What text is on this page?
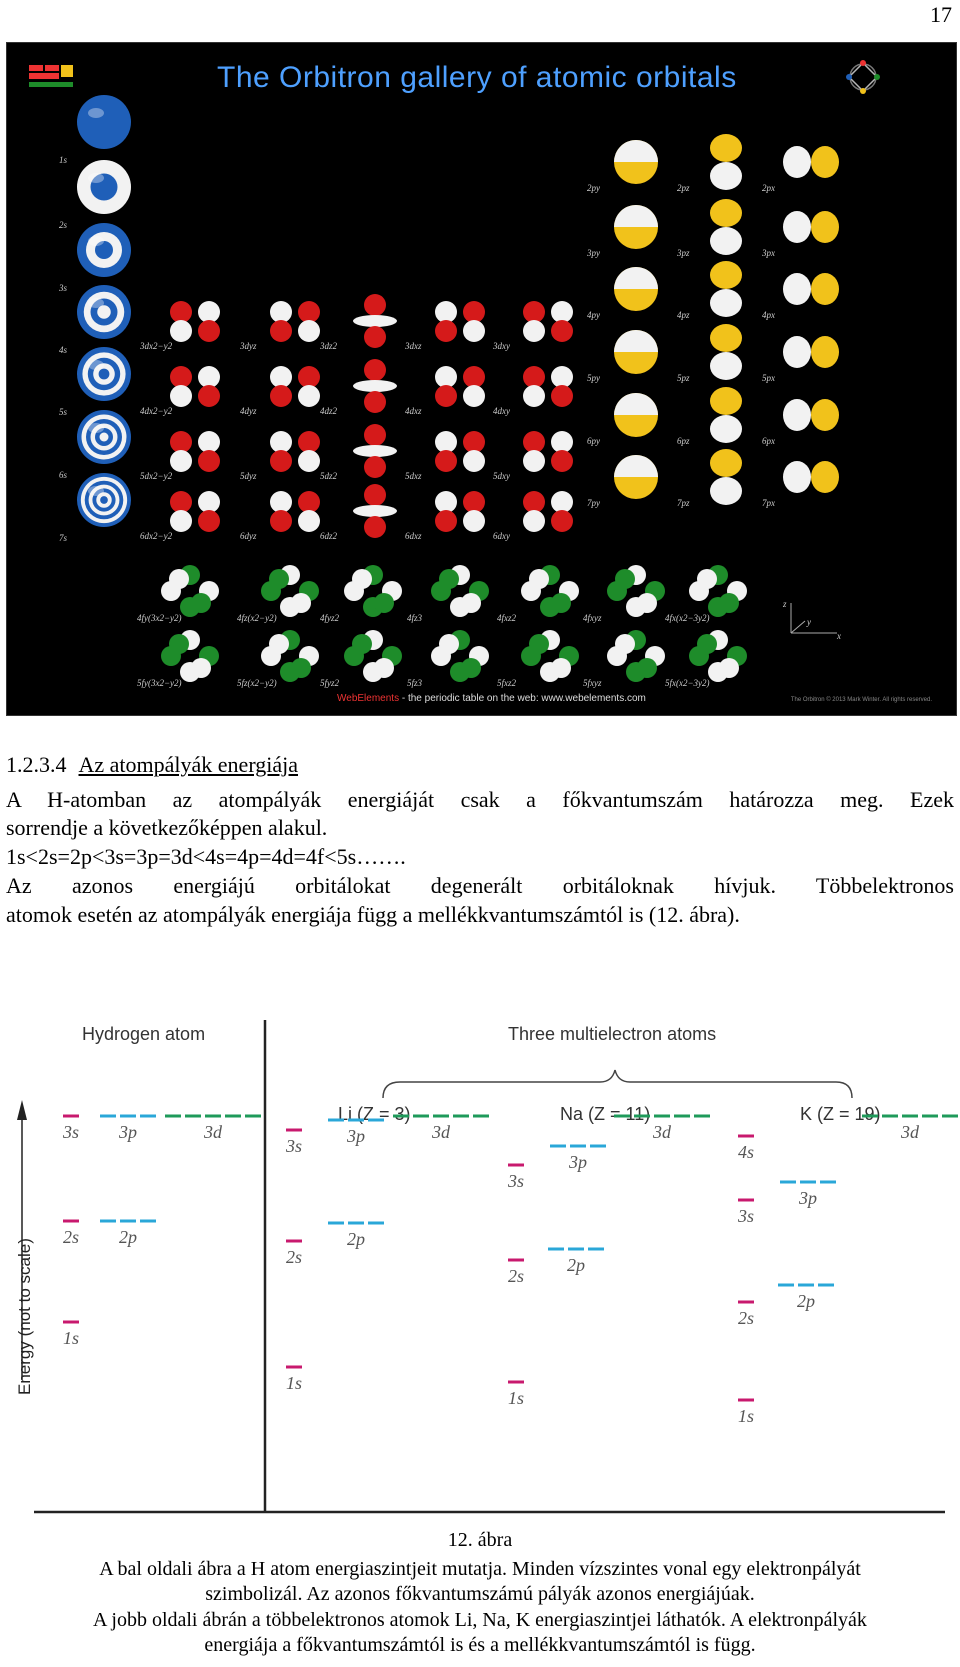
17
The Orbitron gallery of atomic orbitals
z
y
x
WebElements - the periodic table on the web: www.webelements.com	The Orbitron © 2013 Mark Winter. All rights reserved.
1s
2s
3s
4s
5s
6s
7s
3dx2−y2	3dyz	3dz2	3dxz	3dxy
4dx2−y2	4dyz	4dz2	4dxz	4dxy
5dx2−y2	5dyz	5dz2	5dxz	5dxy
6dx2−y2	6dyz	6dz2	6dxz	6dxy
2py	2pz	2px
3py	3pz	3px
4py	4pz	4px
5py	5pz	5px
6py	6pz	6px
7py	7pz	7px
4fy(3x2−y2)	4fz(x2−y2)	4fyz2	4fz3	4fxz2	4fxyz	4fx(x2−3y2)
5fy(3x2−y2)	5fz(x2−y2)	5fyz2	5fz3	5fxz2	5fxyz	5fx(x2−3y2)
1.2.3.4 Az atompályák energiája
A H-atomban az atompályák energiáját csak a főkvantumszám határozza meg. Ezek
sorrendje a következőképpen alakul.
1s<2s=2p<3s=3p=3d<4s=4p=4d=4f<5s…….
Az azonos energiájú orbitálokat degenerált orbitáloknak hívjuk. Többelektronos
atomok esetén az atompályák energiája függ a mellékkvantumszámtól is (12. ábra).
Hydrogen atom	Three multielectron atoms
Li (Z = 3)	Na (Z = 11)	K (Z = 19)
Energy (not to scale)
3s 3p	3d
2s 2p
1s
3s 3p	3d
2p
2s
1s
3d
3p
3s
2p
2s
1s
3d
4s
3p
3s
2p
2s
1s
12. ábra
A bal oldali ábra a H atom energiaszintjeit mutatja. Minden vízszintes vonal egy elektronpályát
szimbolizál. Az azonos főkvantumszámú pályák azonos energiájúak.
A jobb oldali ábrán a többelektronos atomok Li, Na, K energiaszintjei láthatók. A elektronpályák
energiája a főkvantumszámtól is és a mellékkvantumszámtól is függ.
